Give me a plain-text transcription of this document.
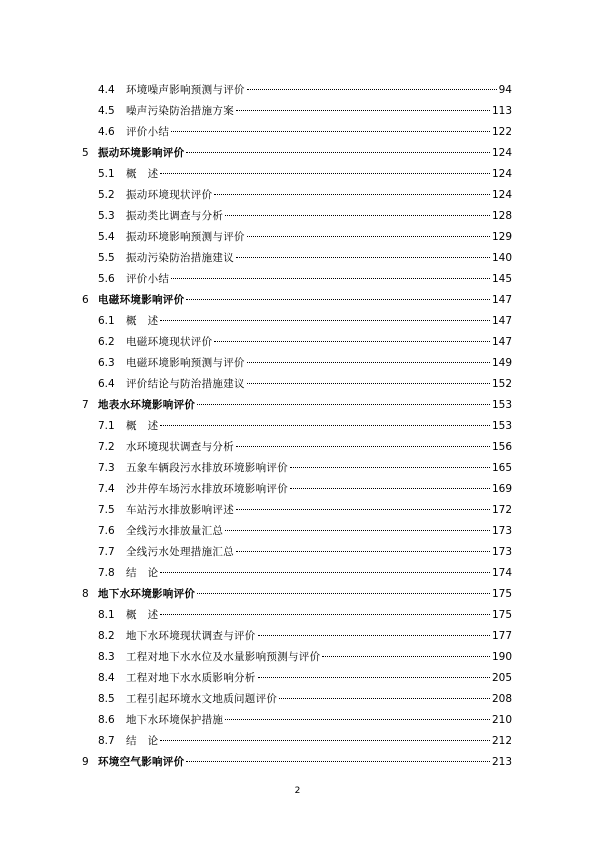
4.4 环境噪声影响预测与评价	94
4.5 噪声污染防治措施方案	113
4.6 评价小结	122
5 振动环境影响评价	124
5.1 概　述	124
5.2 振动环境现状评价	124
5.3 振动类比调查与分析	128
5.4 振动环境影响预测与评价	129
5.5 振动污染防治措施建议	140
5.6 评价小结	145
6 电磁环境影响评价	147
6.1 概　述	147
6.2 电磁环境现状评价	147
6.3 电磁环境影响预测与评价	149
6.4 评价结论与防治措施建议	152
7 地表水环境影响评价	153
7.1 概　述	153
7.2 水环境现状调查与分析	156
7.3 五象车辆段污水排放环境影响评价	165
7.4 沙井停车场污水排放环境影响评价	169
7.5 车站污水排放影响评述	172
7.6 全线污水排放量汇总	173
7.7 全线污水处理措施汇总	173
7.8 结　论	174
8 地下水环境影响评价	175
8.1 概　述	175
8.2 地下水环境现状调查与评价	177
8.3 工程对地下水水位及水量影响预测与评价	190
8.4 工程对地下水水质影响分析	205
8.5 工程引起环境水文地质问题评价	208
8.6 地下水环境保护措施	210
8.7 结　论	212
9 环境空气影响评价	213
2
